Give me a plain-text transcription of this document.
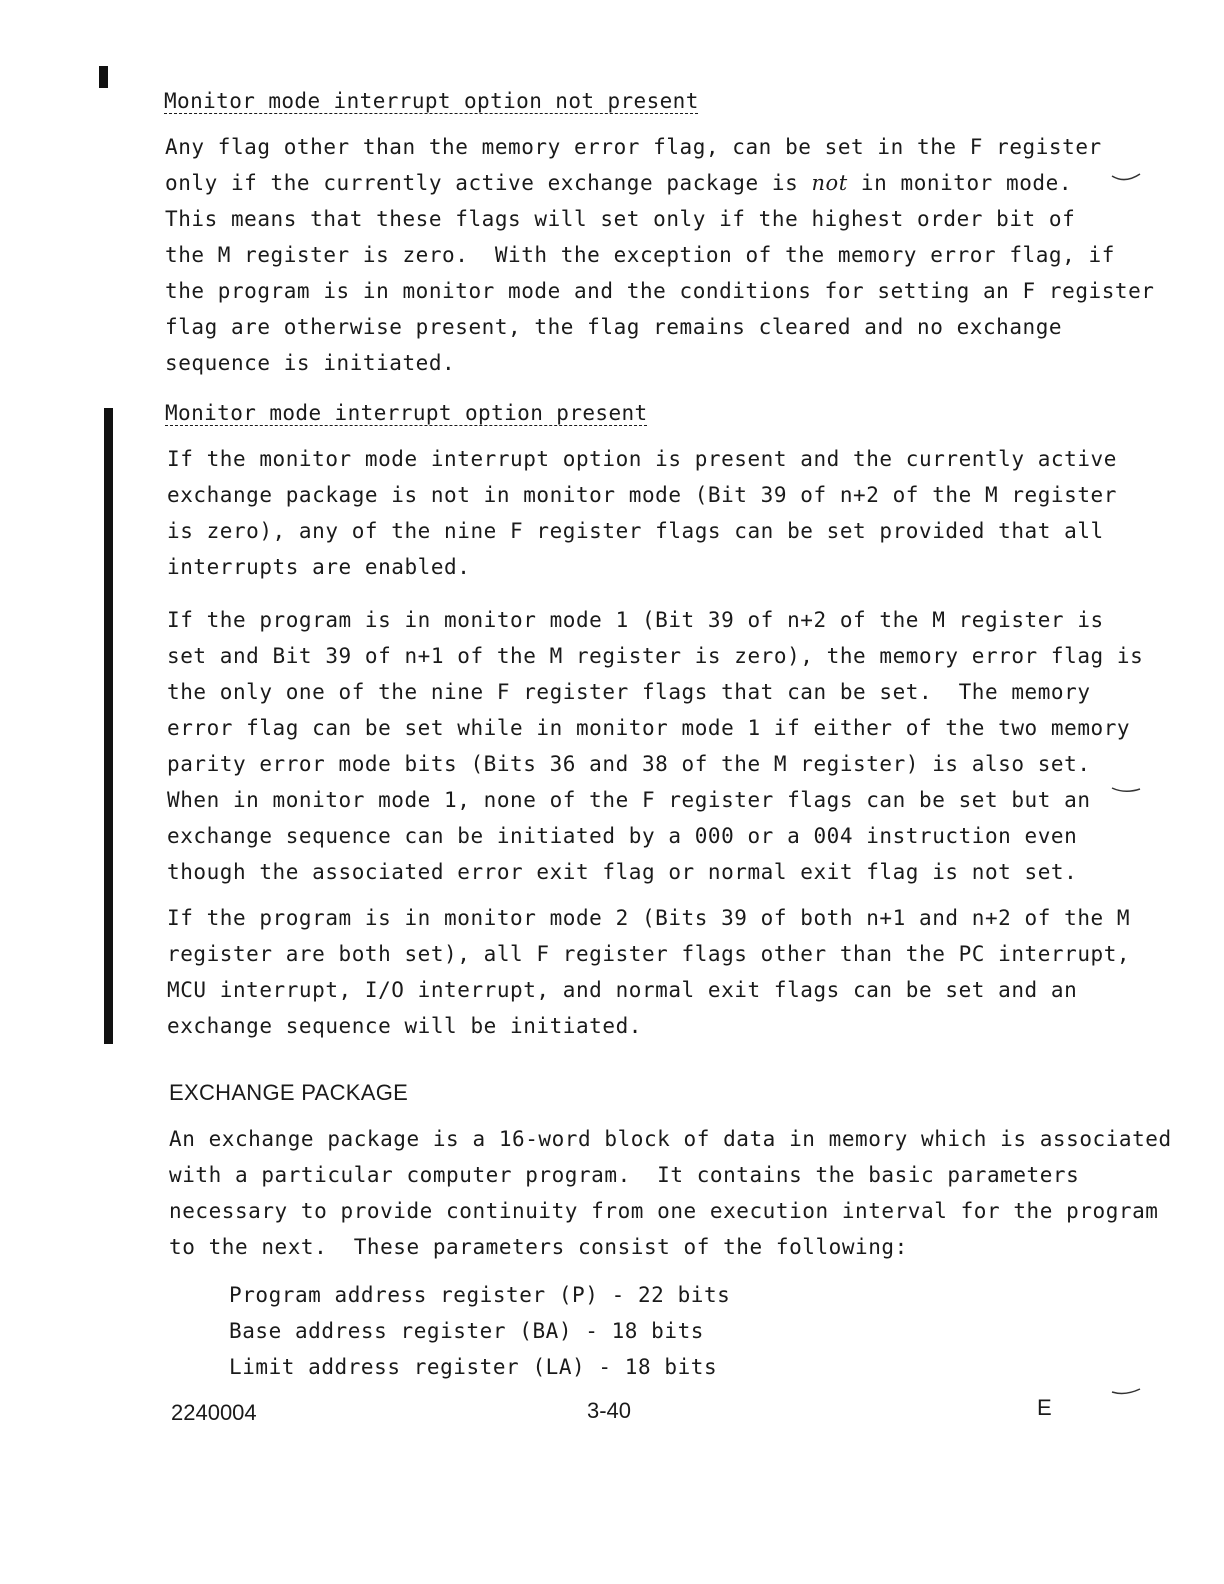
Monitor mode interrupt option not present

Any flag other than the memory error flag, can be set in the F register
only if the currently active exchange package is not in monitor mode.
This means that these flags will set only if the highest order bit of
the M register is zero.  With the exception of the memory error flag, if
the program is in monitor mode and the conditions for setting an F register
flag are otherwise present, the flag remains cleared and no exchange
sequence is initiated.

Monitor mode interrupt option present

If the monitor mode interrupt option is present and the currently active
exchange package is not in monitor mode (Bit 39 of n+2 of the M register
is zero), any of the nine F register flags can be set provided that all
interrupts are enabled.

If the program is in monitor mode 1 (Bit 39 of n+2 of the M register is
set and Bit 39 of n+1 of the M register is zero), the memory error flag is
the only one of the nine F register flags that can be set.  The memory
error flag can be set while in monitor mode 1 if either of the two memory
parity error mode bits (Bits 36 and 38 of the M register) is also set.
When in monitor mode 1, none of the F register flags can be set but an
exchange sequence can be initiated by a 000 or a 004 instruction even
though the associated error exit flag or normal exit flag is not set.

If the program is in monitor mode 2 (Bits 39 of both n+1 and n+2 of the M
register are both set), all F register flags other than the PC interrupt,
MCU interrupt, I/O interrupt, and normal exit flags can be set and an
exchange sequence will be initiated.

EXCHANGE PACKAGE

An exchange package is a 16-word block of data in memory which is associated
with a particular computer program.  It contains the basic parameters
necessary to provide continuity from one execution interval for the program
to the next.  These parameters consist of the following:

Program address register (P) - 22 bits
Base address register (BA) - 18 bits
Limit address register (LA) - 18 bits
2240004	3-40	E
